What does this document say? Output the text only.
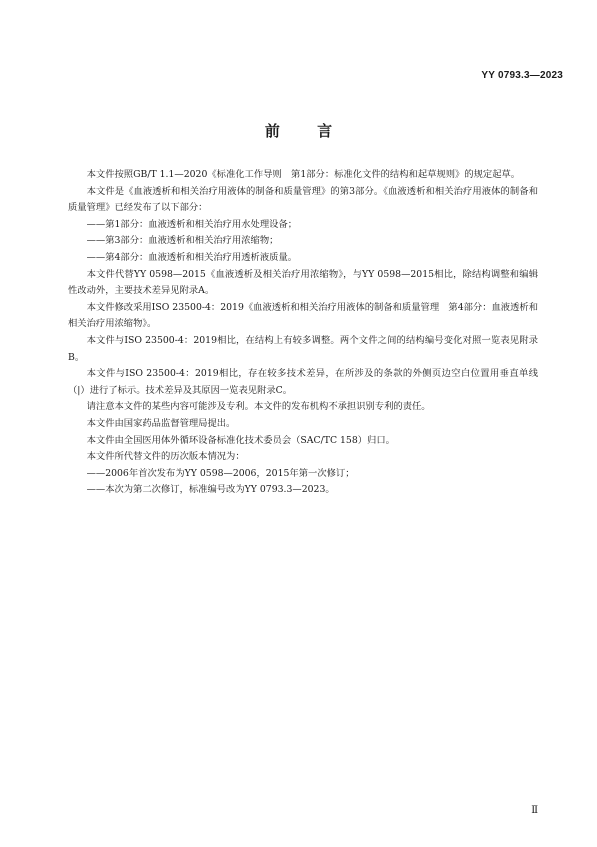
YY 0793.3—2023
前 言

本文件按照GB/T 1.1—2020《标准化工作导则　第1部分：标准化文件的结构和起草规则》的规定起草。

本文件是《血液透析和相关治疗用液体的制备和质量管理》的第3部分。《血液透析和相关治疗用液体的制备和质量管理》已经发布了以下部分：

——第1部分：血液透析和相关治疗用水处理设备；

——第3部分：血液透析和相关治疗用浓缩物；

——第4部分：血液透析和相关治疗用透析液质量。

本文件代替YY 0598—2015《血液透析及相关治疗用浓缩物》，与YY 0598—2015相比，除结构调整和编辑性改动外，主要技术差异见附录A。

本文件修改采用ISO 23500-4：2019《血液透析和相关治疗用液体的制备和质量管理　第4部分：血液透析和相关治疗用浓缩物》。

本文件与ISO 23500-4：2019相比，在结构上有较多调整。两个文件之间的结构编号变化对照一览表见附录B。

本文件与ISO 23500-4：2019相比，存在较多技术差异，在所涉及的条款的外侧页边空白位置用垂直单线（|）进行了标示。技术差异及其原因一览表见附录C。

请注意本文件的某些内容可能涉及专利。本文件的发布机构不承担识别专利的责任。

本文件由国家药品监督管理局提出。

本文件由全国医用体外循环设备标准化技术委员会（SAC/TC 158）归口。

本文件所代替文件的历次版本情况为：

——2006年首次发布为YY 0598—2006，2015年第一次修订；

——本次为第二次修订，标准编号改为YY 0793.3—2023。

Ⅱ
